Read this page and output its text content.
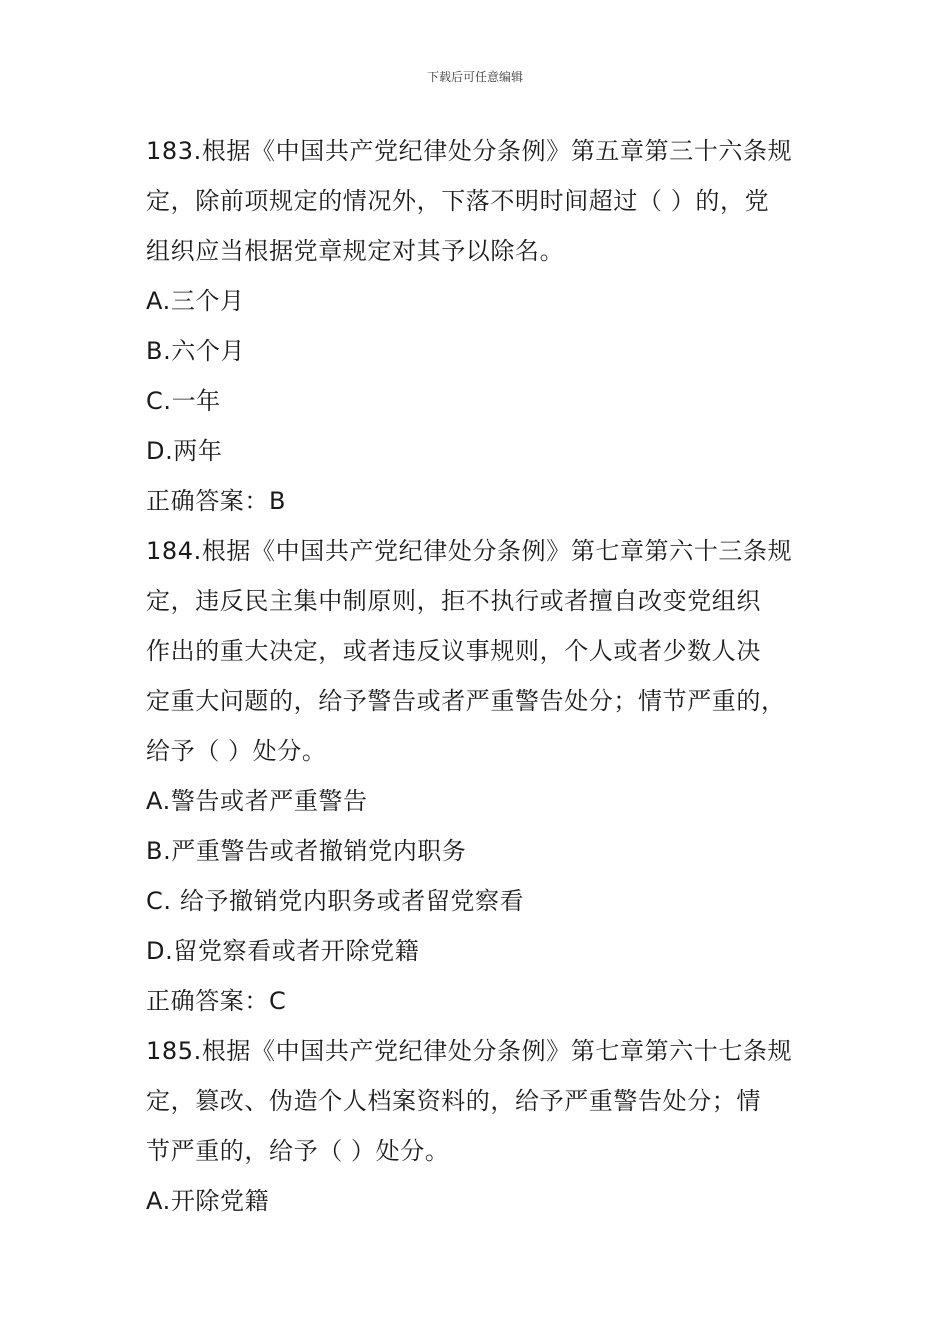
下载后可任意编辑
183.根据《中国共产党纪律处分条例》第五章第三十六条规
定，除前项规定的情况外，下落不明时间超过（ ）的，党
组织应当根据党章规定对其予以除名。
A.三个月
B.六个月
C.一年
D.两年
正确答案：B
184.根据《中国共产党纪律处分条例》第七章第六十三条规
定，违反民主集中制原则，拒不执行或者擅自改变党组织
作出的重大决定，或者违反议事规则，个人或者少数人决
定重大问题的，给予警告或者严重警告处分；情节严重的，
给予（ ）处分。
A.警告或者严重警告
B.严重警告或者撤销党内职务
C. 给予撤销党内职务或者留党察看
D.留党察看或者开除党籍
正确答案：C
185.根据《中国共产党纪律处分条例》第七章第六十七条规
定，篡改、伪造个人档案资料的，给予严重警告处分；情
节严重的，给予（ ）处分。
A.开除党籍
